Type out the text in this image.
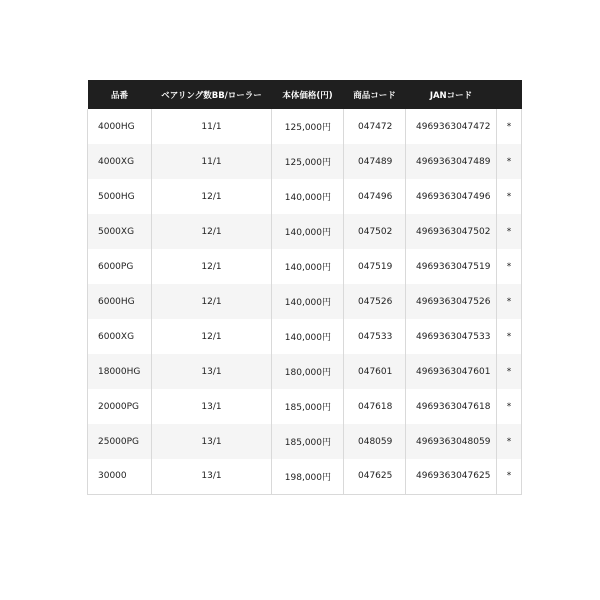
品番	ベアリング数BB/ローラー	本体価格(円)	商品コード	JANコード	
4000HG	11/1	125,000円	047472	4969363047472	*
4000XG	11/1	125,000円	047489	4969363047489	*
5000HG	12/1	140,000円	047496	4969363047496	*
5000XG	12/1	140,000円	047502	4969363047502	*
6000PG	12/1	140,000円	047519	4969363047519	*
6000HG	12/1	140,000円	047526	4969363047526	*
6000XG	12/1	140,000円	047533	4969363047533	*
18000HG	13/1	180,000円	047601	4969363047601	*
20000PG	13/1	185,000円	047618	4969363047618	*
25000PG	13/1	185,000円	048059	4969363048059	*
30000	13/1	198,000円	047625	4969363047625	*
